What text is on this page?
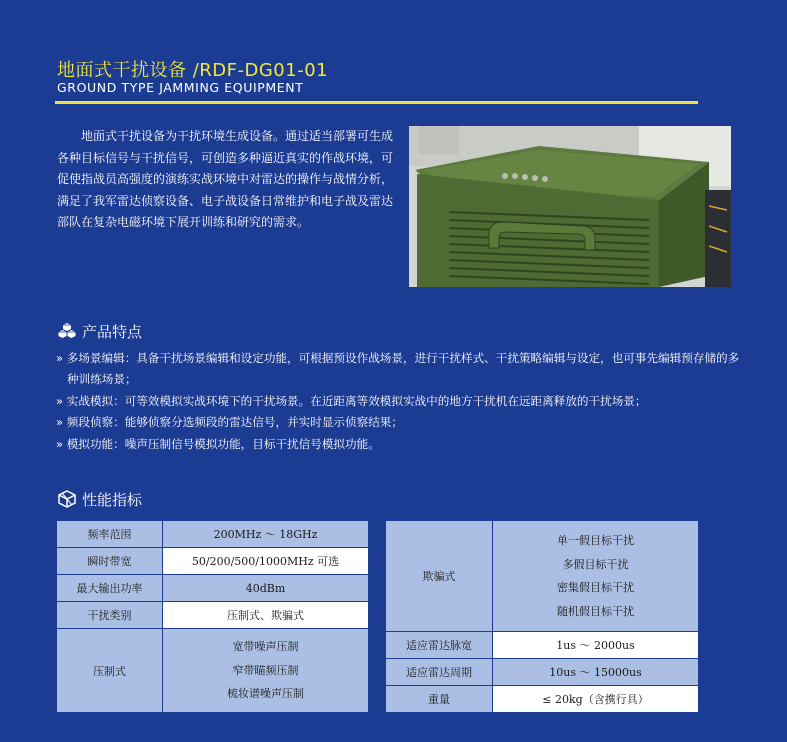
地面式干扰设备 /RDF-DG01-01
GROUND TYPE JAMMING EQUIPMENT

地面式干扰设备为干扰环境生成设备。通过适当部署可生成各种目标信号与干扰信号，可创造多种逼近真实的作战环境，可促使指战员高强度的演练实战环境中对雷达的操作与战情分析，满足了我军雷达侦察设备、电子战设备日常维护和电子战及雷达部队在复杂电磁环境下展开训练和研究的需求。

产品特点
» 多场景编辑：具备干扰场景编辑和设定功能，可根据预设作战场景，进行干扰样式、干扰策略编辑与设定，也可事先编辑预存储的多种训练场景；
» 实战模拟：可等效模拟实战环境下的干扰场景。在近距离等效模拟实战中的地方干扰机在远距离释放的干扰场景；
» 频段侦察：能够侦察分选频段的雷达信号，并实时显示侦察结果；
» 模拟功能：噪声压制信号模拟功能，目标干扰信号模拟功能。
性能指标
频率范围	200MHz ～ 18GHz
瞬时带宽	50/200/500/1000MHz 可选
最大输出功率	40dBm
干扰类别	压制式、欺骗式
压制式	宽带噪声压制
窄带瞄频压制
梳妆谱噪声压制
欺骗式	单一假目标干扰
多假目标干扰
密集假目标干扰
随机假目标干扰

适应雷达脉宽	1us ～ 2000us
适应雷达周期	10us ～ 15000us
重量	≤ 20kg（含携行具）
